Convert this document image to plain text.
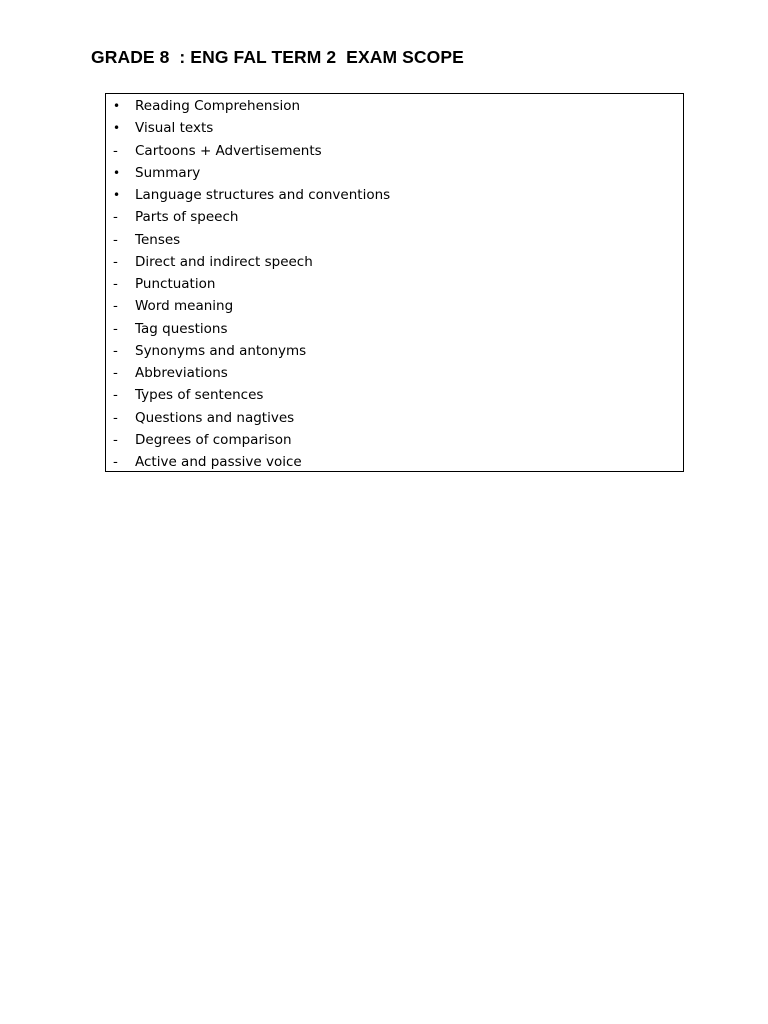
GRADE 8  : ENG FAL TERM 2  EXAM SCOPE
•	Reading Comprehension
•	Visual texts
-	Cartoons + Advertisements
•	Summary
•	Language structures and conventions
-	Parts of speech
-	Tenses
-	Direct and indirect speech
-	Punctuation
-	Word meaning
-	Tag questions
-	Synonyms and antonyms
-	Abbreviations
-	Types of sentences
-	Questions and nagtives
-	Degrees of comparison
-	Active and passive voice
